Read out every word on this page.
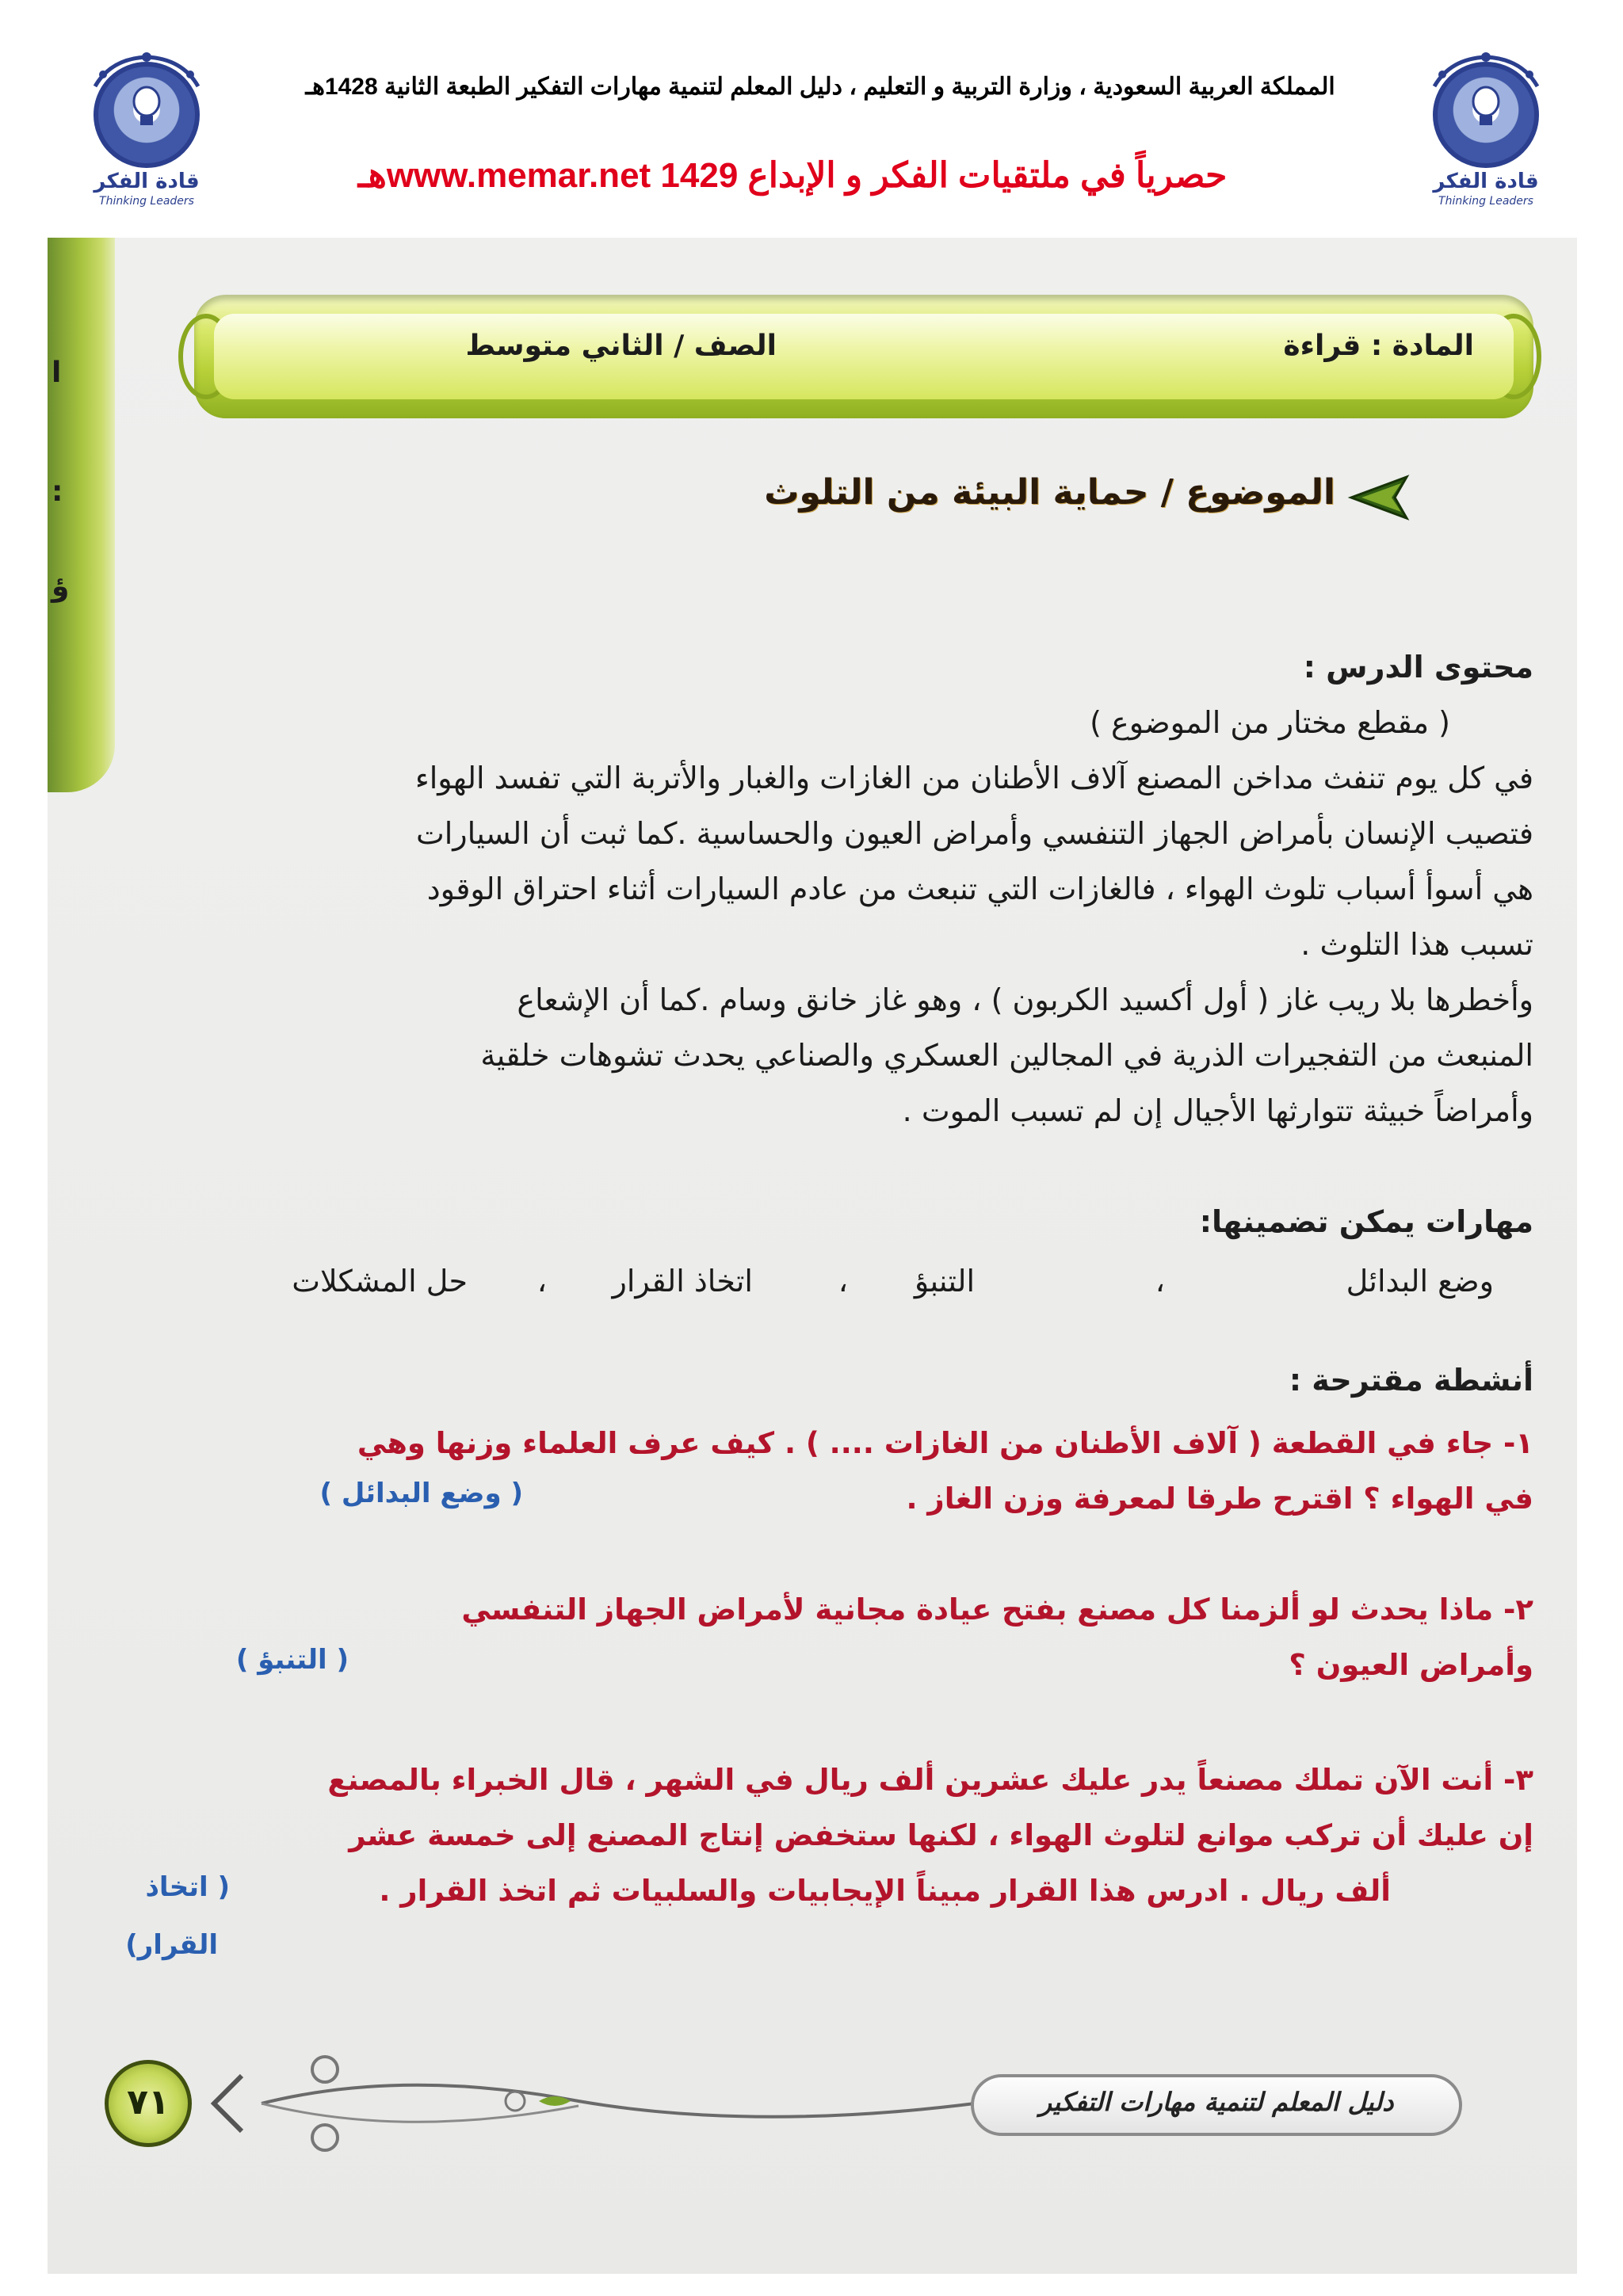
قادة الفكر
Thinking Leaders
قادة الفكر
Thinking Leaders
المملكة العربية السعودية ، وزارة التربية و التعليم ، دليل المعلم لتنمية مهارات التفكير الطبعة الثانية 1428هـ
حصرياً في ملتقيات الفكر و الإبداع www.memar.net 1429هـ
ا
:
ؤ
المادة : قراءة
الصف / الثاني متوسط
الموضوع / حماية البيئة من التلوث
محتوى الدرس :
( مقطع مختار من الموضوع )
في كل يوم تنفث مداخن المصنع آلاف الأطنان من الغازات والغبار والأتربة التي تفسد الهواء
فتصيب الإنسان بأمراض الجهاز التنفسي وأمراض العيون والحساسية .كما ثبت أن السيارات
هي أسوأ أسباب تلوث الهواء ، فالغازات التي تنبعث من عادم السيارات أثناء احتراق الوقود
تسبب هذا التلوث .
وأخطرها بلا ريب غاز ( أول أكسيد الكربون ) ، وهو غاز خانق وسام .كما أن الإشعاع
المنبعث من التفجيرات الذرية في المجالين العسكري والصناعي يحدث تشوهات خلقية
وأمراضاً خبيثة تتوارثها الأجيال إن لم تسبب الموت .
مهارات يمكن تضمينها:
وضع البدائل
،
التنبؤ
،
اتخاذ القرار
،
حل المشكلات
أنشطة مقترحة :
١- جاء في القطعة ( آلاف الأطنان من الغازات .... ) . كيف عرف العلماء وزنها وهي
في الهواء ؟ اقترح طرقا لمعرفة وزن الغاز .
( وضع البدائل )
٢- ماذا يحدث لو ألزمنا كل مصنع بفتح عيادة مجانية لأمراض الجهاز التنفسي
وأمراض العيون ؟
( التنبؤ )
٣- أنت الآن تملك مصنعاً يدر عليك عشرين ألف ريال في الشهر ، قال الخبراء بالمصنع
إن عليك أن تركب موانع لتلوث الهواء ، لكنها ستخفض إنتاج المصنع إلى خمسة عشر
ألف ريال . ادرس هذا القرار مبيناً الإيجابيات والسلبيات ثم اتخذ القرار .
( اتخاذ
القرار)
٧١	دليل المعلم لتنمية مهارات التفكير
